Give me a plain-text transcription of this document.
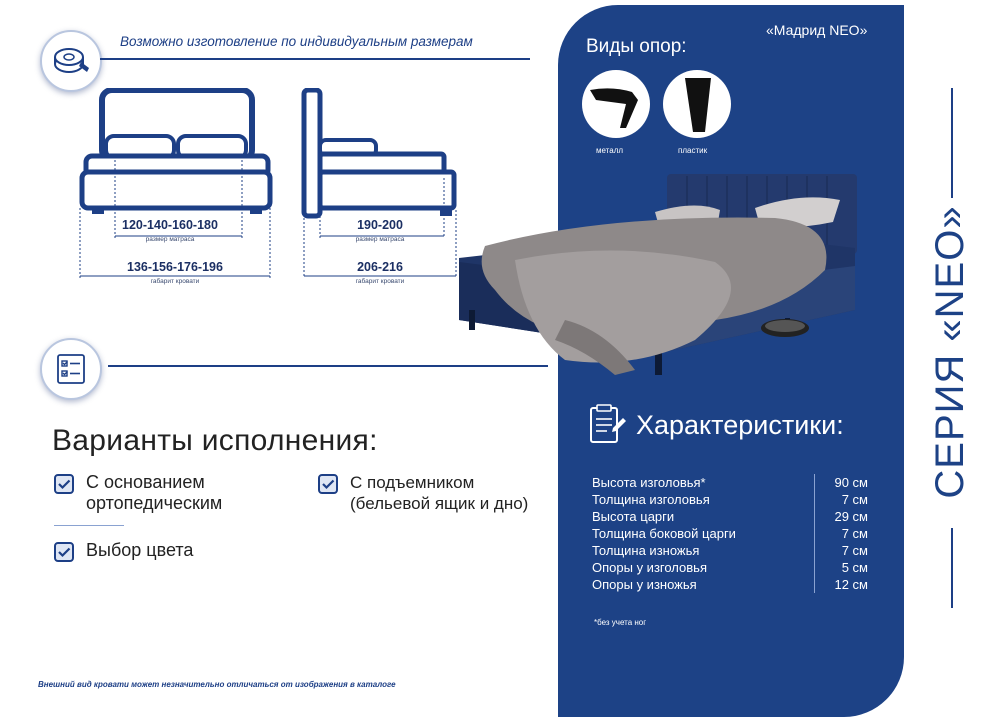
Возможно изготовление по индивидуальным размерам
120-140-160-180
размер матраса
136-156-176-196
габарит кровати
190-200
размер матраса
206-216
габарит кровати
Варианты исполнения:
С основанием
ортопедическим
С подъемником
(бельевой ящик и дно)
Выбор цвета
Внешний вид кровати может незначительно отличаться от изображения в каталоге
Виды опор:
«Мадрид NEO»
металл	пластик
Характеристики:
Высота изголовья*	90 см
Толщина изголовья	7 см
Высота царги	29 см
Толщина боковой царги	7 см
Толщина изножья	7 см
Опоры у изголовья	5 см
Опоры у изножья	12 см
*без учета ног
СЕРИЯ «NEO»
